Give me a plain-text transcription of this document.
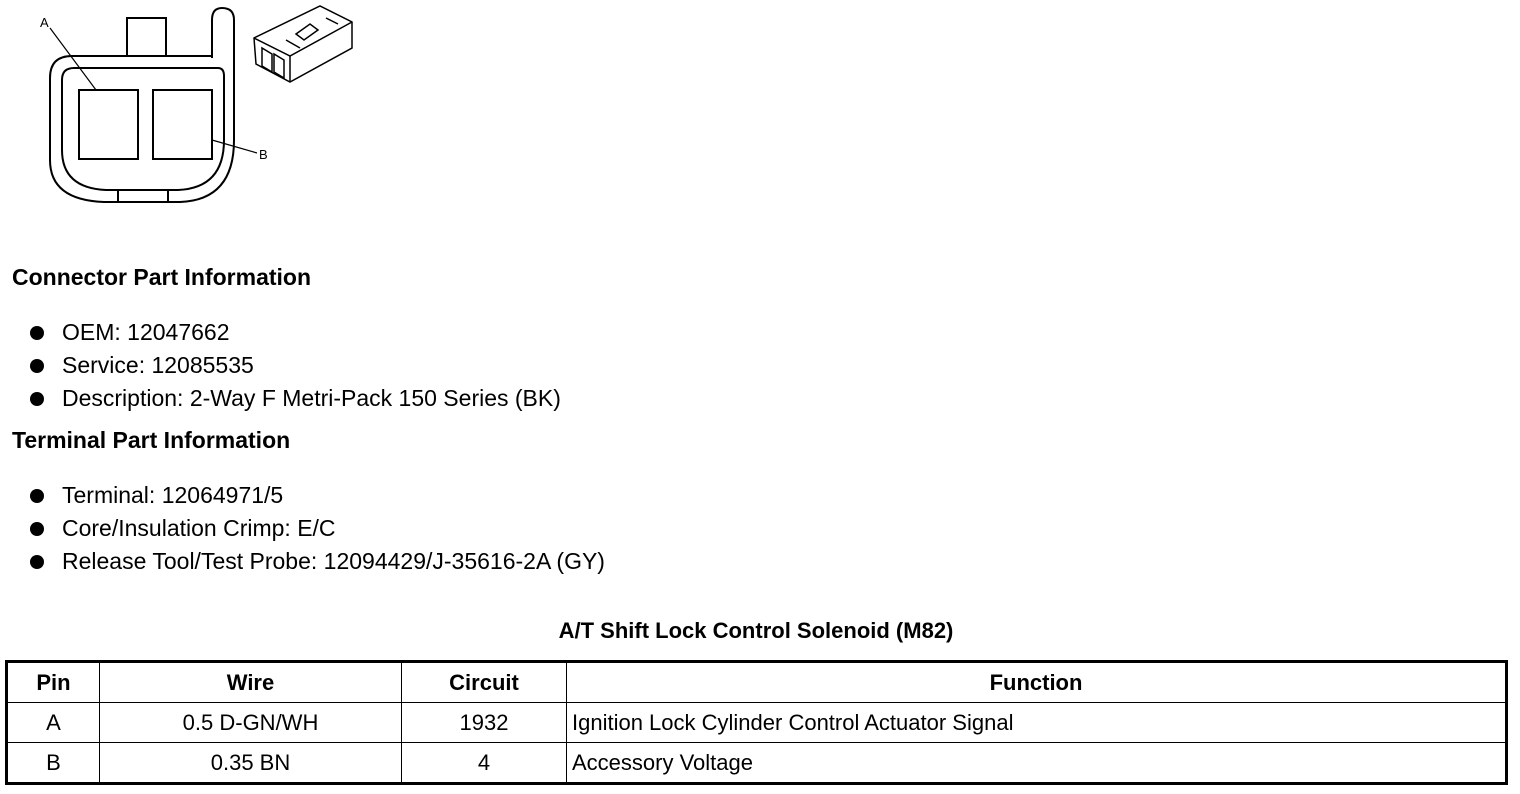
A
B
Connector Part Information
OEM: 12047662
Service: 12085535
Description: 2-Way F Metri-Pack 150 Series (BK)
Terminal Part Information
Terminal: 12064971/5
Core/Insulation Crimp: E/C
Release Tool/Test Probe: 12094429/J-35616-2A (GY)
A/T Shift Lock Control Solenoid (M82)
Pin	Wire	Circuit	Function
A	0.5 D-GN/WH	1932	Ignition Lock Cylinder Control Actuator Signal
B	0.35 BN	4	Accessory Voltage
